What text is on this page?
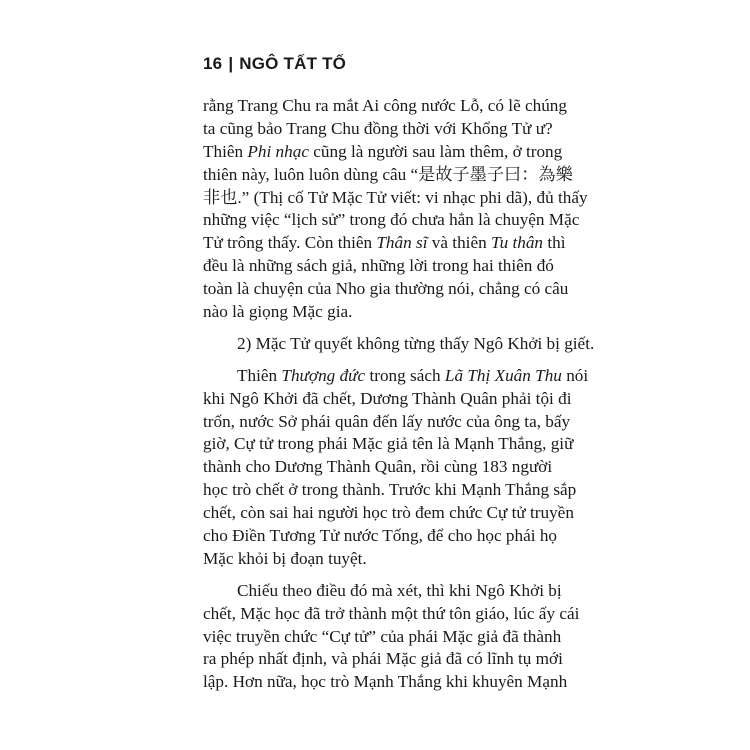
16 | NGÔ TẤT TỐ
rằng Trang Chu ra mắt Ai công nước Lỗ, có lẽ chúng
ta cũng bảo Trang Chu đồng thời với Khổng Tử ư?
Thiên Phi nhạc cũng là người sau làm thêm, ở trong
thiên này, luôn luôn dùng câu “是故子墨子曰：為樂
非也.” (Thị cố Tử Mặc Tử viết: vi nhạc phi dã), đủ thấy
những việc “lịch sử” trong đó chưa hẳn là chuyện Mặc
Tử trông thấy. Còn thiên Thân sĩ và thiên Tu thân thì
đều là những sách giả, những lời trong hai thiên đó
toàn là chuyện của Nho gia thường nói, chẳng có câu
nào là giọng Mặc gia.
2) Mặc Tử quyết không từng thấy Ngô Khởi bị giết.
Thiên Thượng đức trong sách Lã Thị Xuân Thu nói
khi Ngô Khởi đã chết, Dương Thành Quân phải tội đi
trốn, nước Sở phái quân đến lấy nước của ông ta, bấy
giờ, Cự tử trong phái Mặc giả tên là Mạnh Thắng, giữ
thành cho Dương Thành Quân, rồi cùng 183 người
học trò chết ở trong thành. Trước khi Mạnh Thắng sắp
chết, còn sai hai người học trò đem chức Cự tử truyền
cho Điền Tương Tử nước Tống, để cho học phái họ
Mặc khỏi bị đoạn tuyệt.
Chiếu theo điều đó mà xét, thì khi Ngô Khởi bị
chết, Mặc học đã trở thành một thứ tôn giáo, lúc ấy cái
việc truyền chức “Cự tử” của phái Mặc giả đã thành
ra phép nhất định, và phái Mặc giả đã có lĩnh tụ mới
lập. Hơn nữa, học trò Mạnh Thắng khi khuyên Mạnh
